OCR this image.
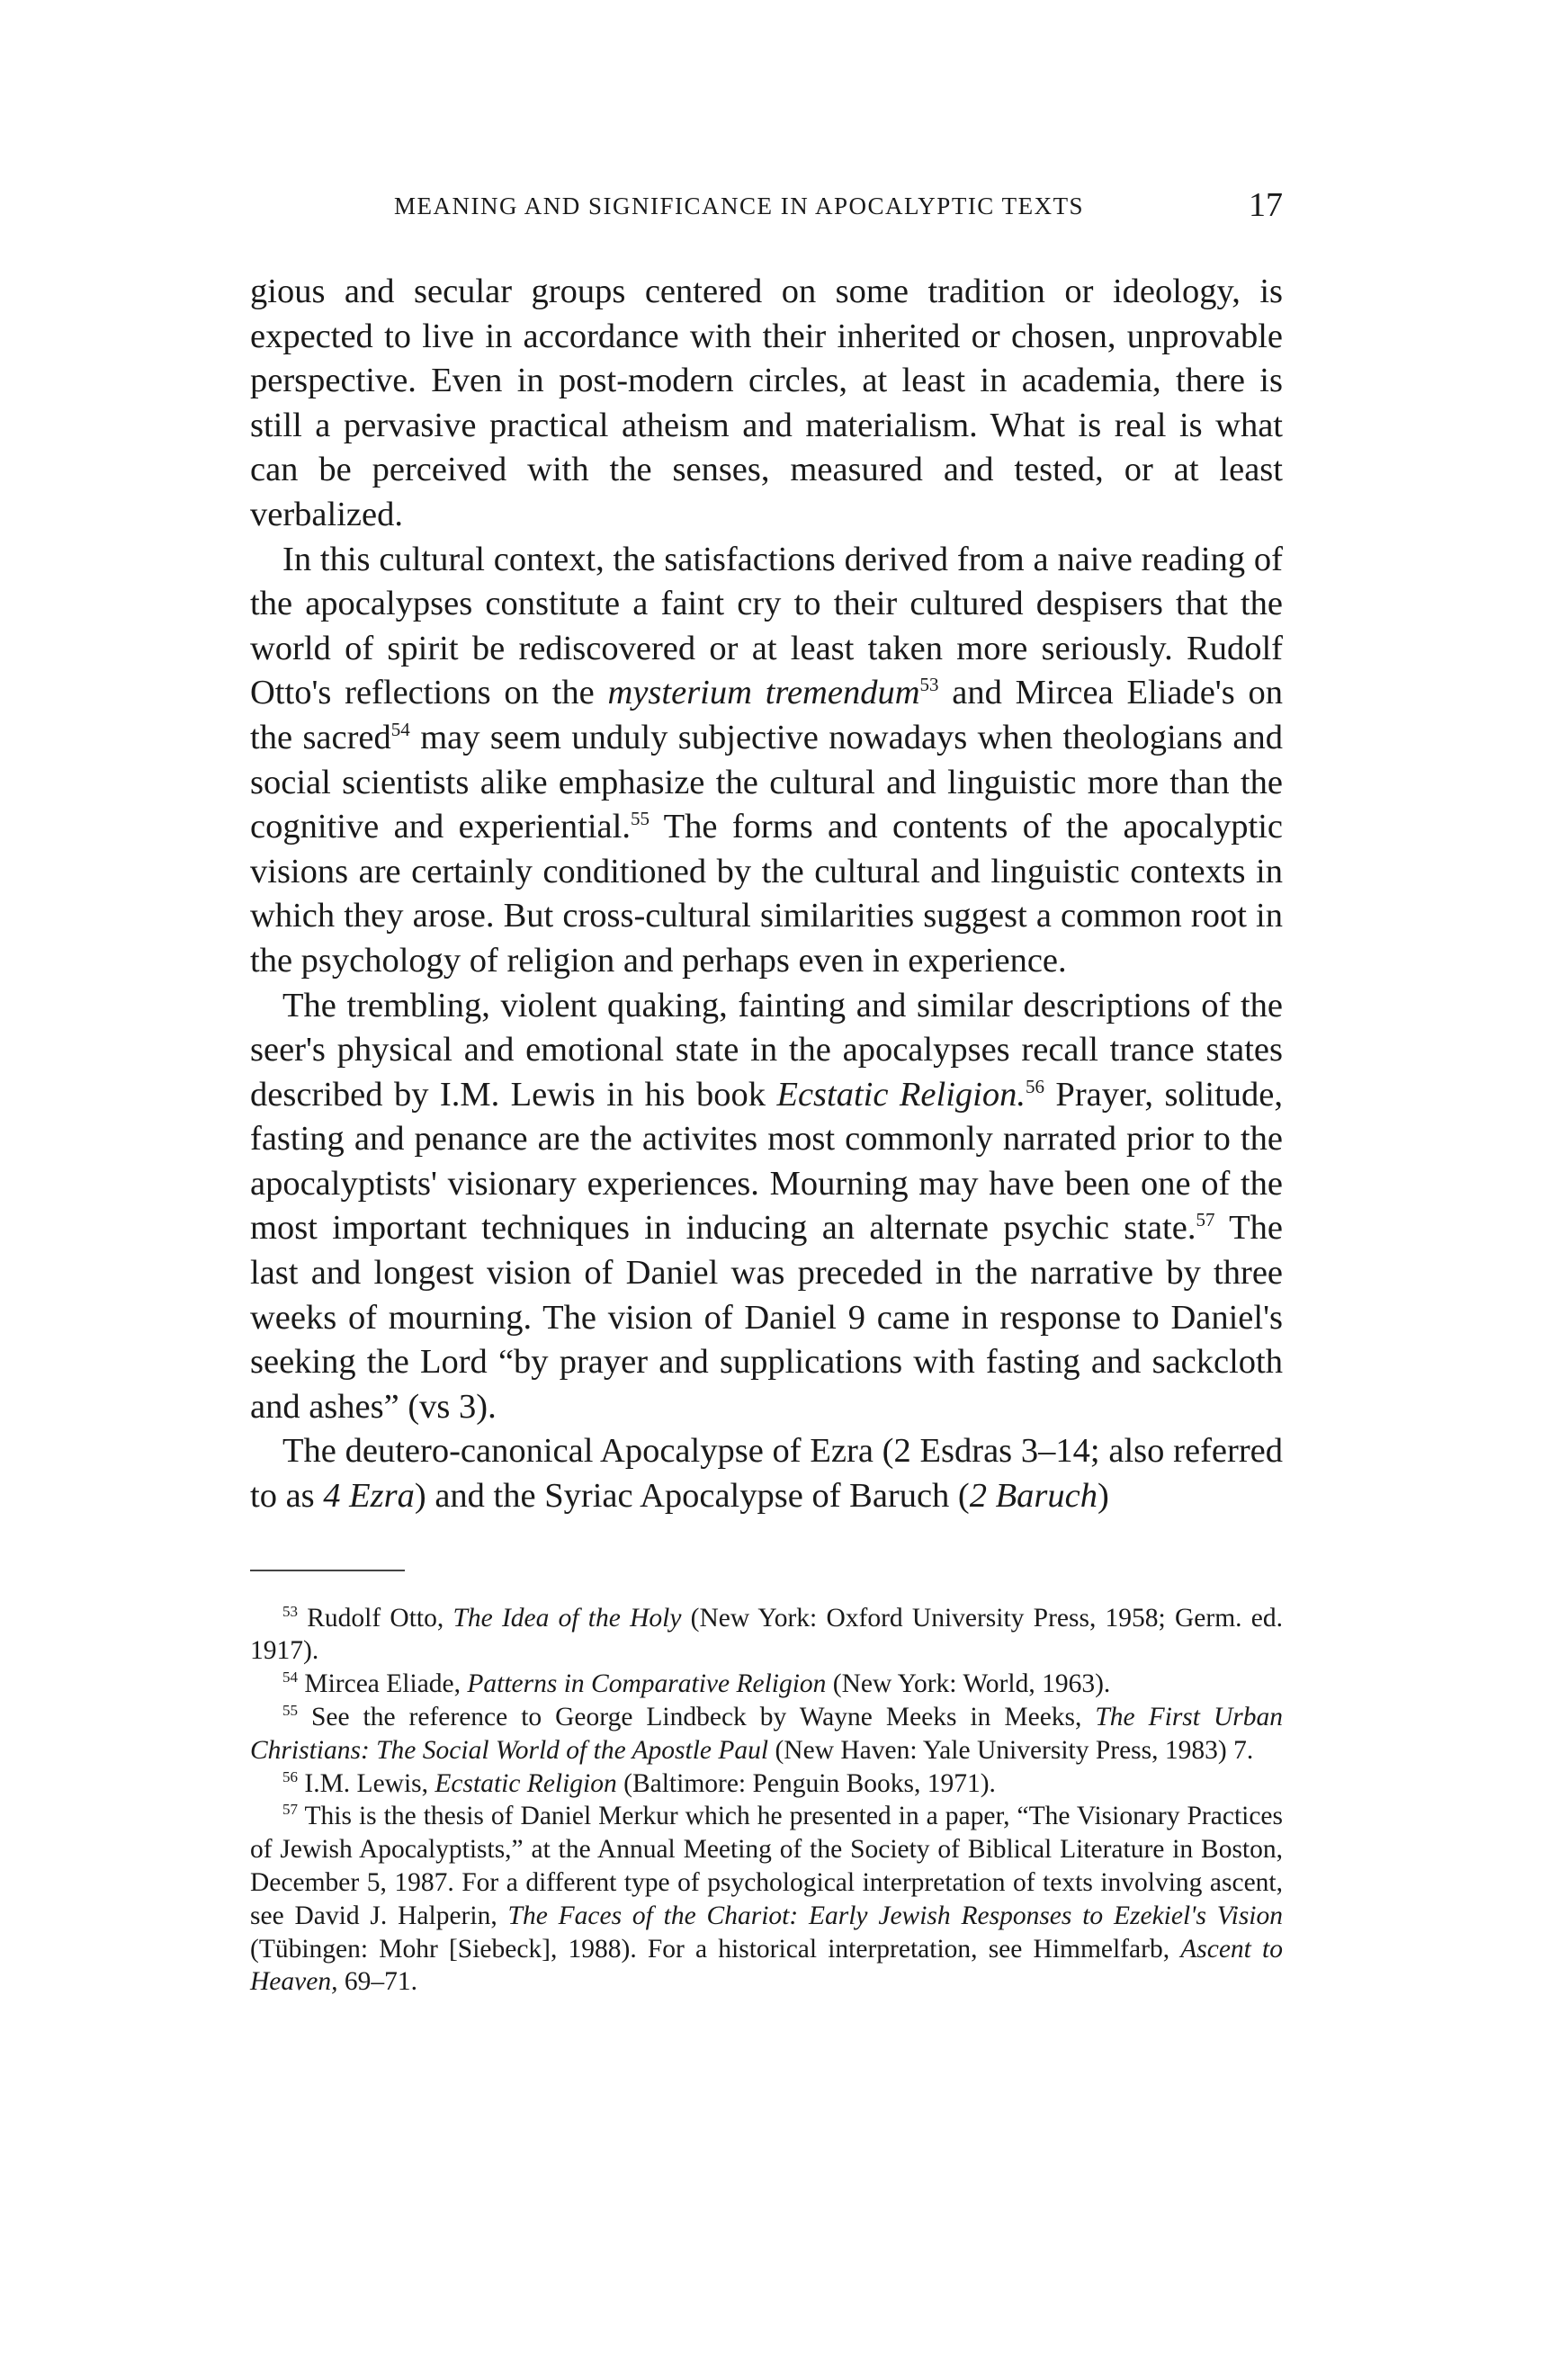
MEANING AND SIGNIFICANCE IN APOCALYPTIC TEXTS	17

gious and secular groups centered on some tradition or ideology, is expected to live in accordance with their inherited or chosen, unprovable perspective. Even in post-modern circles, at least in academia, there is still a pervasive practical atheism and materialism. What is real is what can be perceived with the senses, measured and tested, or at least verbalized.

In this cultural context, the satisfactions derived from a naive reading of the apocalypses constitute a faint cry to their cultured despisers that the world of spirit be rediscovered or at least taken more seriously. Rudolf Otto's reflections on the mysterium tremendum$^{53}$ and Mircea Eliade's on the sacred$^{54}$ may seem unduly subjective nowadays when theologians and social scientists alike emphasize the cultural and linguistic more than the cognitive and experiential.$^{55}$ The forms and contents of the apocalyptic visions are certainly conditioned by the cultural and linguistic contexts in which they arose. But cross-cultural similarities suggest a common root in the psychology of religion and perhaps even in experience.

The trembling, violent quaking, fainting and similar descriptions of the seer's physical and emotional state in the apocalypses recall trance states described by I.M. Lewis in his book Ecstatic Religion.$^{56}$ Prayer, solitude, fasting and penance are the activites most commonly narrated prior to the apocalyptists' visionary experiences. Mourning may have been one of the most important techniques in inducing an alternate psychic state.$^{57}$ The last and longest vision of Daniel was preceded in the narrative by three weeks of mourning. The vision of Daniel 9 came in response to Daniel's seeking the Lord “by prayer and supplications with fasting and sackcloth and ashes” (vs 3).

The deutero-canonical Apocalypse of Ezra (2 Esdras 3–14; also referred to as 4 Ezra) and the Syriac Apocalypse of Baruch (2 Baruch)

$^{53}$ Rudolf Otto, The Idea of the Holy (New York: Oxford University Press, 1958; Germ. ed. 1917).

$^{54}$ Mircea Eliade, Patterns in Comparative Religion (New York: World, 1963).

$^{55}$ See the reference to George Lindbeck by Wayne Meeks in Meeks, The First Urban Christians: The Social World of the Apostle Paul (New Haven: Yale University Press, 1983) 7.

$^{56}$ I.M. Lewis, Ecstatic Religion (Baltimore: Penguin Books, 1971).

$^{57}$ This is the thesis of Daniel Merkur which he presented in a paper, “The Visionary Practices of Jewish Apocalyptists,” at the Annual Meeting of the Society of Biblical Literature in Boston, December 5, 1987. For a different type of psychological interpretation of texts involving ascent, see David J. Halperin, The Faces of the Chariot: Early Jewish Responses to Ezekiel's Vision (Tübingen: Mohr [Siebeck], 1988). For a historical interpretation, see Himmelfarb, Ascent to Heaven, 69–71.
